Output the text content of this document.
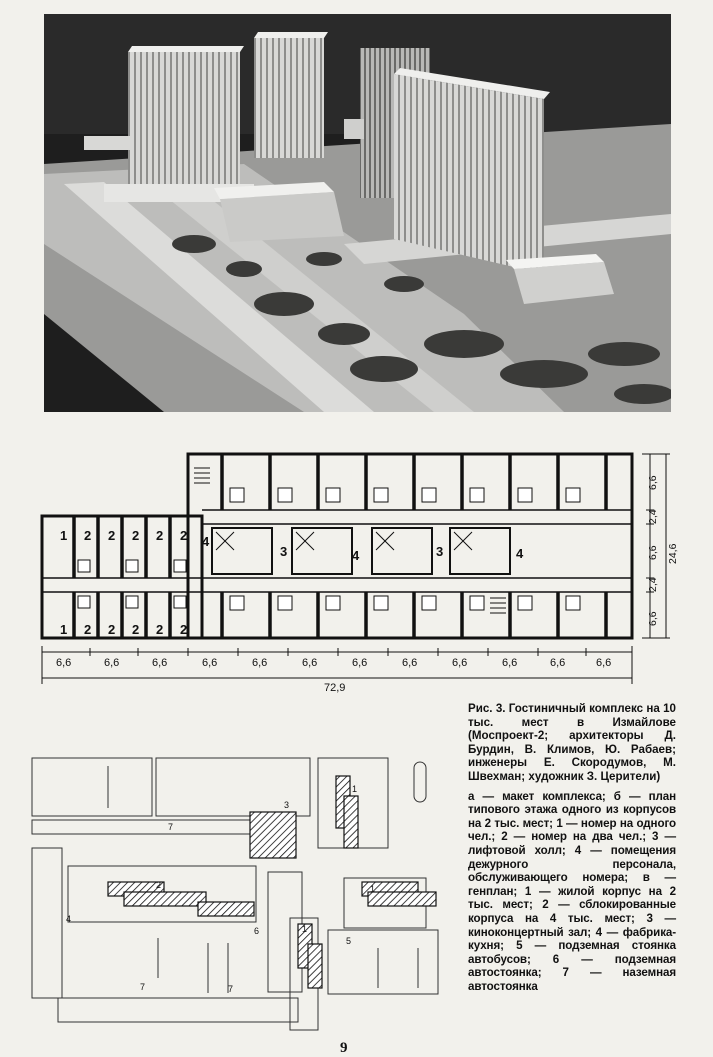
1 2 2 2 2 2
1 2 2 2 2 2
3	4	3
4
4
6,6
2,4
6,6
2,4
6,6
24,6
6,6	6,6	6,6	6,6	6,6	6,6	6,6	6,6	6,6	6,6	6,6	6,6
72,9
1
1
1
2
3
4
5
6
7
7	7
Рис. 3. Гостиничный комплекс на 10 тыс. мест в Измайлове (Моспроект-2; архитекторы Д. Бурдин, В. Климов, Ю. Рабаев; инженеры Е. Скородумов, М. Швехман; художник З. Церители)
а — макет комплекса; б — план типового этажа одного из корпусов на 2 тыс. мест; 1 — номер на одного чел.; 2 — номер на два чел.; 3 — лифтовой холл; 4 — помещения дежурного персонала, обслуживающего номера; в — генплан; 1 — жилой корпус на 2 тыс. мест; 2 — сблокированные корпуса на 4 тыс. мест; 3 — киноконцертный зал; 4 — фабрика-кухня; 5 — подземная стоянка автобусов; 6 — подземная автостоянка; 7 — наземная автостоянка
9
